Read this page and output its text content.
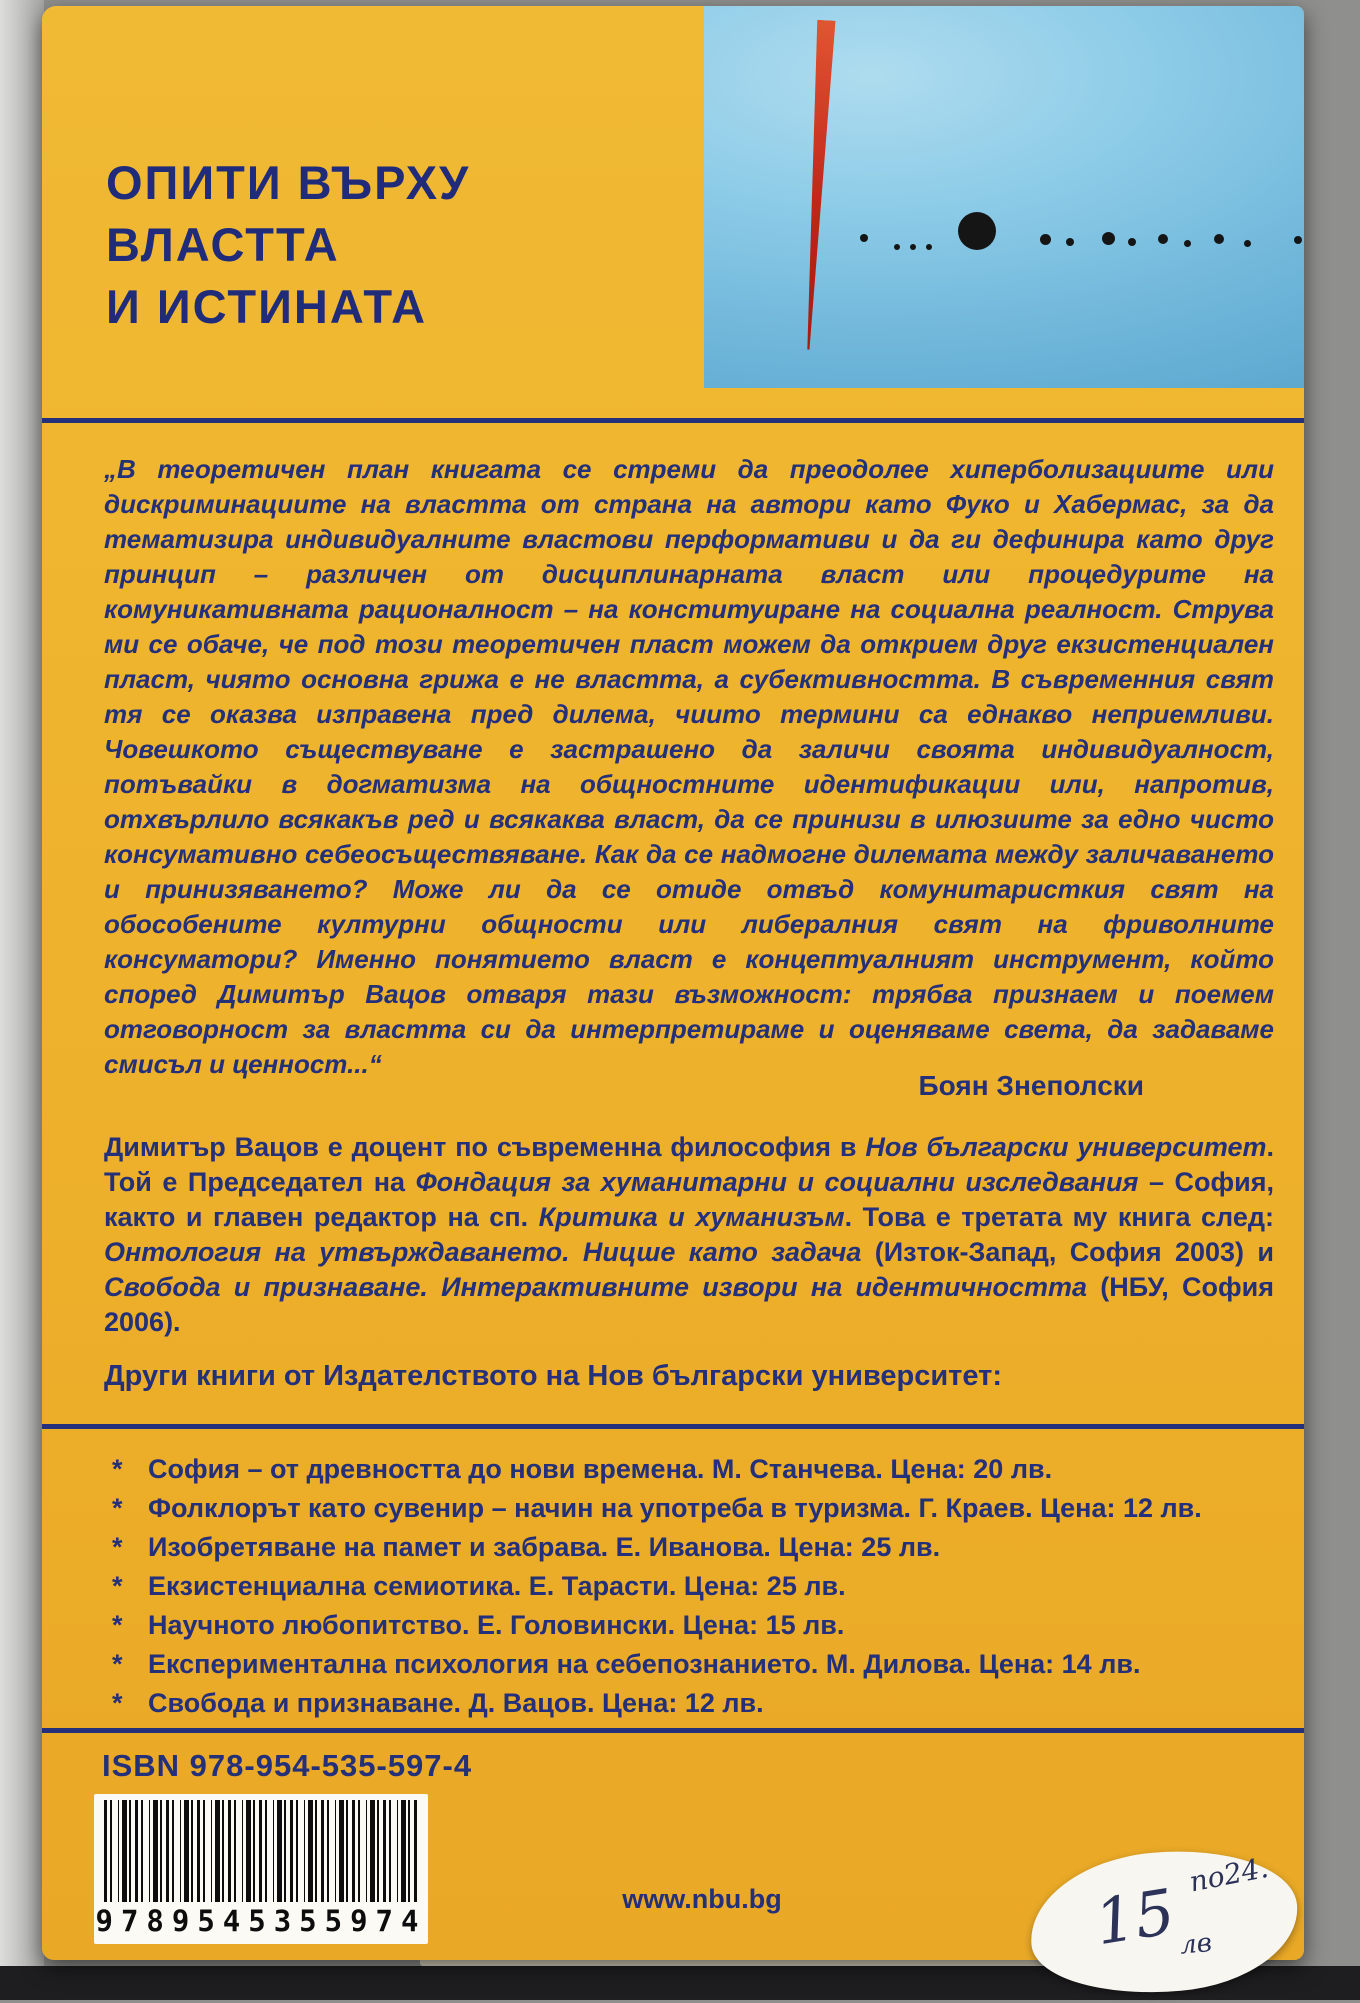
ОПИТИ ВЪРХУ
ВЛАСТТА
И ИСТИНАТА

„В теоретичен план книгата се стреми да преодолее хиперболизациите или дискриминациите на властта от страна на автори като Фуко и Хабермас, за да тематизира индивидуалните властови перформативи и да ги дефинира като друг принцип – различен от дисциплинарната власт или процедурите на комуникативната рационалност – на конституиране на социална реалност. Струва ми се обаче, че под този теоретичен пласт можем да открием друг екзистенциален пласт, чиято основна грижа е не властта, а субективността. В съвременния свят тя се оказва изправена пред дилема, чиито термини са еднакво неприемливи. Човешкото съществуване е застрашено да заличи своята индивидуалност, потъвайки в догматизма на общностните идентификации или, напротив, отхвърлило всякакъв ред и всякаква власт, да се принизи в илюзиите за едно чисто консумативно себеосъществяване. Как да се надмогне дилемата между заличаването и принизяването? Може ли да се отиде отвъд комунитаристкия свят на обособените културни общности или либералния свят на фриволните консуматори? Именно понятието власт е концептуалният инструмент, който според Димитър Вацов отваря тази възможност: трябва признаем и поемем отговорност за властта си да интерпретираме и оценяваме света, да задаваме смисъл и ценност...“

Боян Знеполски

Димитър Вацов е доцент по съвременна философия в Нов български университет. Той е Председател на Фондация за хуманитарни и социални изследвания – София, както и главен редактор на сп. Критика и хуманизъм. Това е третата му книга след: Онтология на утвърждаването. Ницше като задача (Изток-Запад, София 2003) и Свобода и признаване. Интерактивните извори на идентичността (НБУ, София 2006).

Други книги от Издателството на Нов български университет:

* София – от древността до нови времена. М. Станчева. Цена: 20 лв.
* Фолклорът като сувенир – начин на употреба в туризма. Г. Краев. Цена: 12 лв.
* Изобретяване на памет и забрава. Е. Иванова. Цена: 25 лв.
* Екзистенциална семиотика. Е. Тарасти. Цена: 25 лв.
* Научното любопитство. Е. Головински. Цена: 15 лв.
* Експериментална психология на себепознанието. М. Дилова. Цена: 14 лв.
* Свобода и признаване. Д. Вацов. Цена: 12 лв.
ISBN 978-954-535-597-4
9789545355974
www.nbu.bg
по24.
15 лв
